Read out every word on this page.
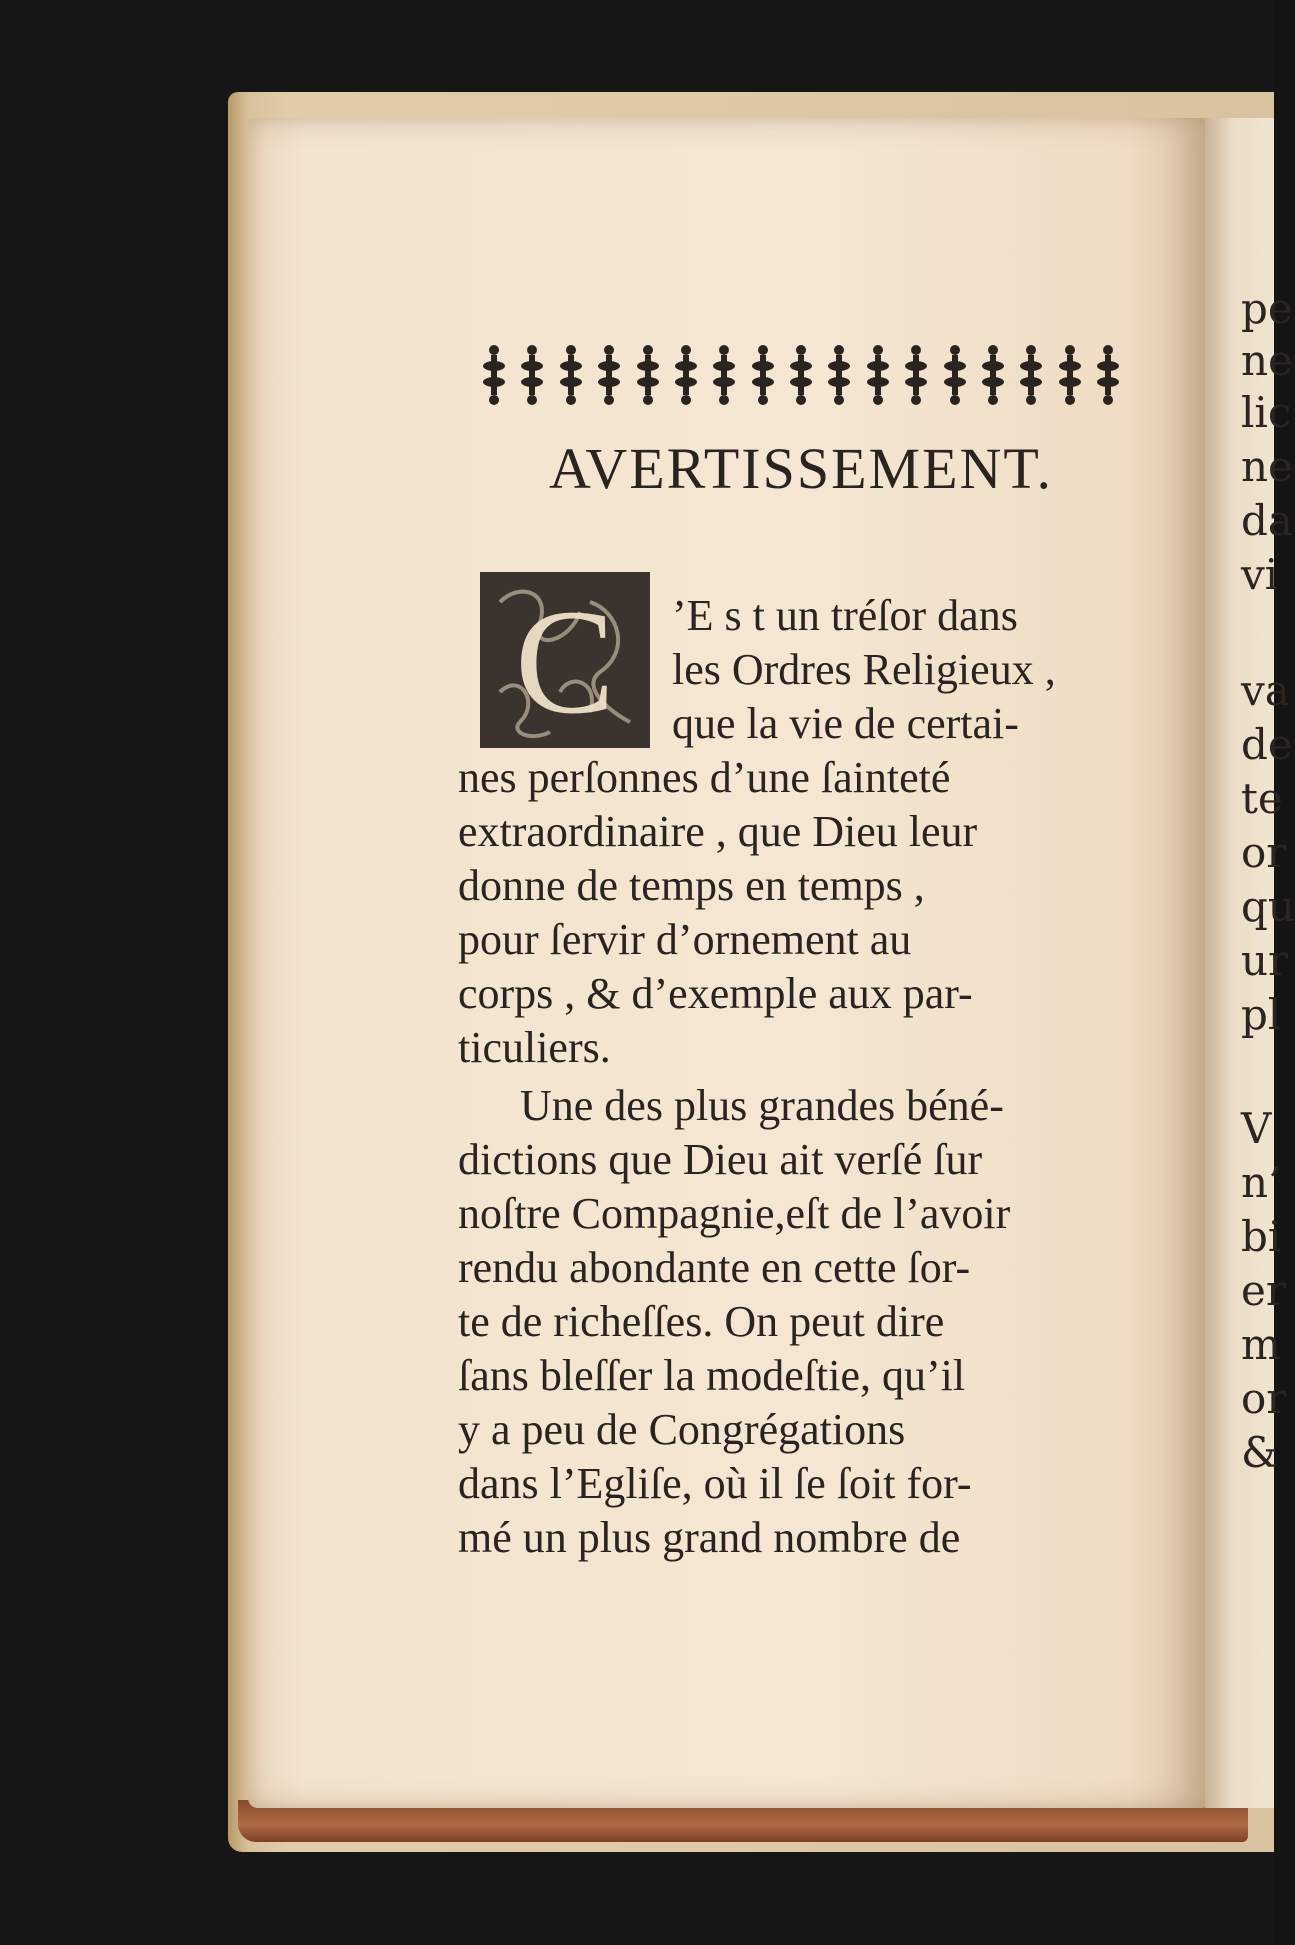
pe
ne
lic
ne
da
vi
va
de
te
or
qu
ur
pl
V
n’
bi
er
m
or
&
AVERTISSEMENT.
C ’E s t un tréſor dans
les Ordres Religieux ,
que la vie de certai-
nes perſonnes d’une ſainteté
extraordinaire , que Dieu leur
donne de temps en temps ,
pour ſervir d’ornement au
corps , & d’exemple aux par-
ticuliers.
Une des plus grandes béné-
dictions que Dieu ait verſé ſur
noſtre Compagnie,eſt de l’avoir
rendu abondante en cette ſor-
te de richeſſes. On peut dire
ſans bleſſer la modeſtie, qu’il
y a peu de Congrégations
dans l’Egliſe, où il ſe ſoit for-
mé un plus grand nombre de
